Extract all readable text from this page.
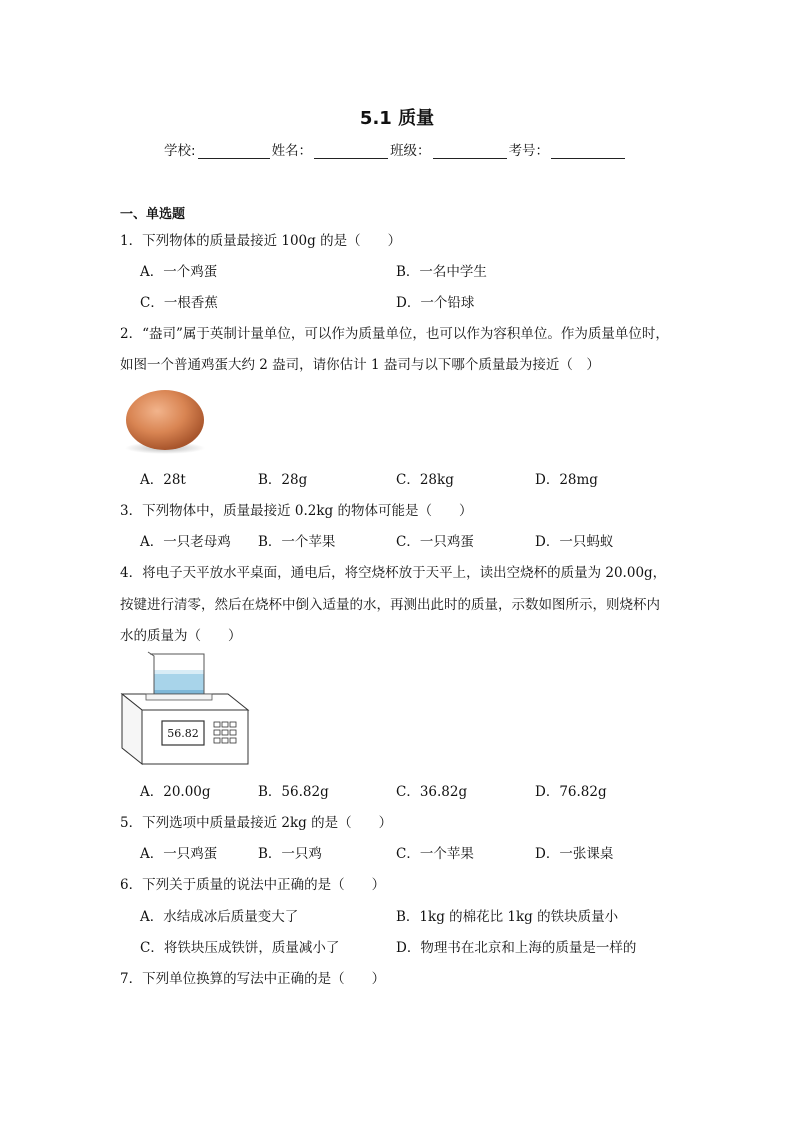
5.1 质量
学校:	姓名：	班级：	考号：
一、单选题
1．下列物体的质量最接近 100g 的是（　　）
A．一个鸡蛋	B．一名中学生
C．一根香蕉	D．一个铅球
2．“盎司”属于英制计量单位，可以作为质量单位，也可以作为容积单位。作为质量单位时，
如图一个普通鸡蛋大约 2 盎司，请你估计 1 盎司与以下哪个质量最为接近（　）
A．28t	B．28g	C．28kg	D．28mg
3．下列物体中，质量最接近 0.2kg 的物体可能是（　　）
A．一只老母鸡 B．一个苹果	C．一只鸡蛋	D．一只蚂蚁
4．将电子天平放水平桌面，通电后，将空烧杯放于天平上，读出空烧杯的质量为 20.00g，
按键进行清零，然后在烧杯中倒入适量的水，再测出此时的质量，示数如图所示，则烧杯内
水的质量为（　　）
56.82
A．20.00g	B．56.82g	C．36.82g	D．76.82g
5．下列选项中质量最接近 2kg 的是（　　）
A．一只鸡蛋	B．一只鸡	C．一个苹果	D．一张课桌
6．下列关于质量的说法中正确的是（　　）
A．水结成冰后质量变大了	B．1kg 的棉花比 1kg 的铁块质量小
C．将铁块压成铁饼，质量减小了	D．物理书在北京和上海的质量是一样的
7．下列单位换算的写法中正确的是（　　）
